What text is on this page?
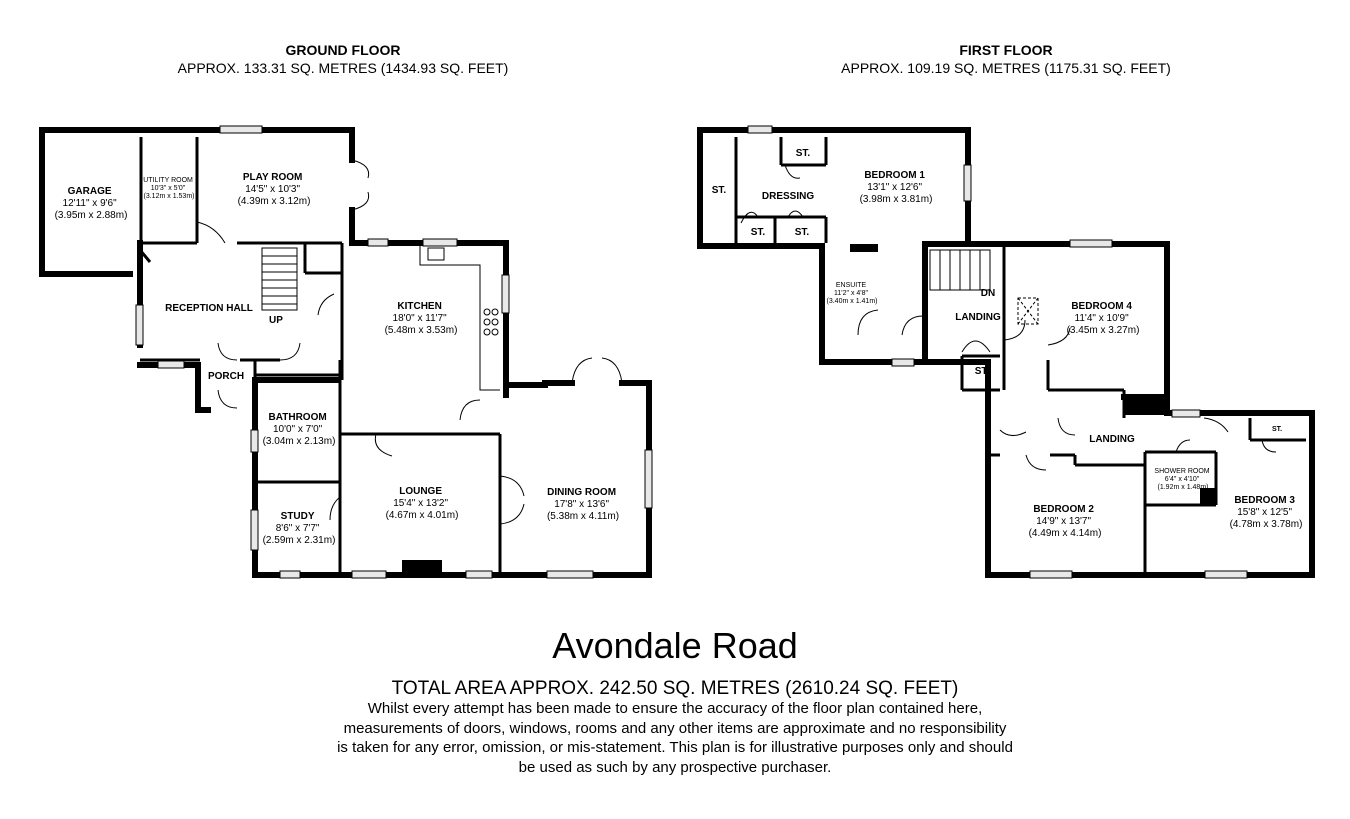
GROUND FLOOR
APPROX. 133.31 SQ. METRES (1434.93 SQ. FEET)
FIRST FLOOR
APPROX. 109.19 SQ. METRES (1175.31 SQ. FEET)
GARAGE 12'11" x 9'6" (3.95m x 2.88m)
UTILITY ROOM 10'3" x 5'0" (3.12m x 1.53m)
PLAY ROOM 14'5" x 10'3" (4.39m x 3.12m)
RECEPTION HALL
UP
KITCHEN 18'0" x 11'7" (5.48m x 3.53m)
PORCH
BATHROOM 10'0" x 7'0" (3.04m x 2.13m)
LOUNGE 15'4" x 13'2" (4.67m x 4.01m)
DINING ROOM 17'8" x 13'6" (5.38m x 4.11m)
STUDY 8'6" x 7'7" (2.59m x 2.31m)
ST.
ST.
ST.	ST.
ST.
ST.
DRESSING
BEDROOM 1 13'1" x 12'6" (3.98m x 3.81m)
ENSUITE 11'2" x 4'8" (3.40m x 1.41m)
DN
LANDING
BEDROOM 4 11'4" x 10'9" (3.45m x 3.27m)
LANDING
BEDROOM 2 14'9" x 13'7" (4.49m x 4.14m)
SHOWER ROOM 6'4" x 4'10" (1.92m x 1.48m)
BEDROOM 3 15'8" x 12'5" (4.78m x 3.78m)
Avondale Road
TOTAL AREA APPROX. 242.50 SQ. METRES (2610.24 SQ. FEET)
Whilst every attempt has been made to ensure the accuracy of the floor plan contained here,
measurements of doors, windows, rooms and any other items are approximate and no responsibility
is taken for any error, omission, or mis-statement. This plan is for illustrative purposes only and should
be used as such by any prospective purchaser.
